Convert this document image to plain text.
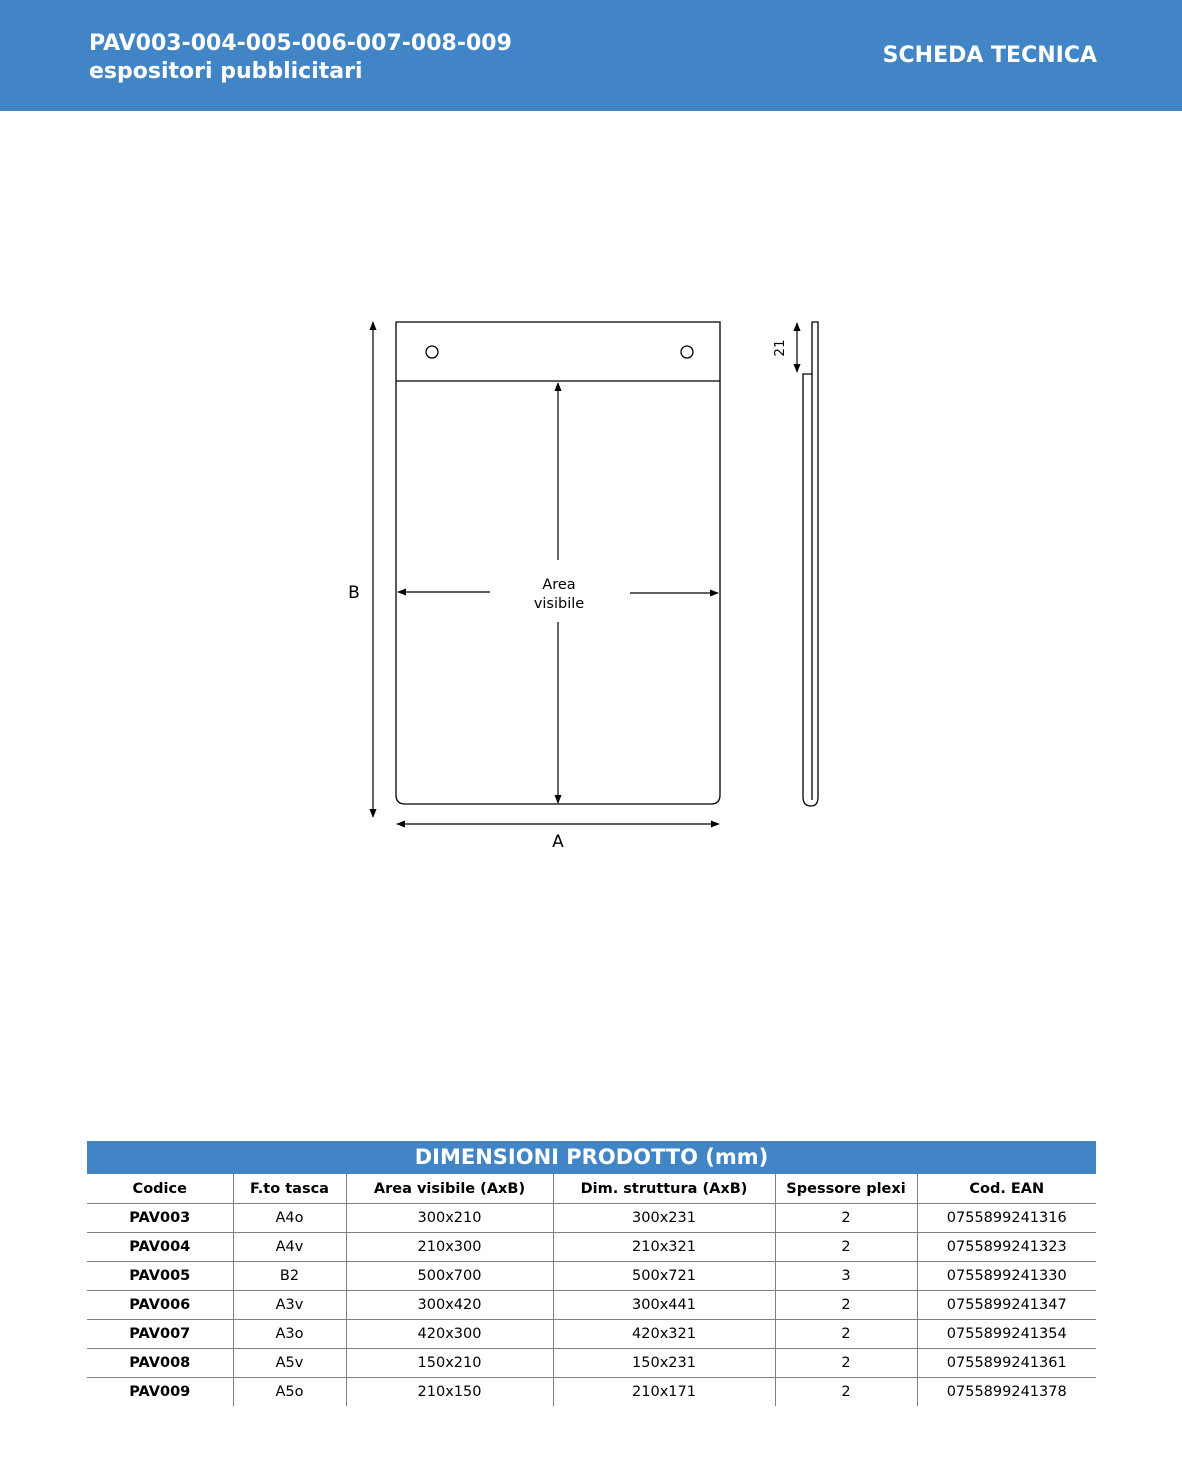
PAV003-004-005-006-007-008-009
espositori pubblicitari
SCHEDA TECNICA
B
A
Area
visibile
21
DIMENSIONI PRODOTTO (mm)
Codice	F.to tasca	Area visibile (AxB)	Dim. struttura (AxB)	Spessore plexi	Cod. EAN
PAV003	A4o	300x210	300x231	2	0755899241316
PAV004	A4v	210x300	210x321	2	0755899241323
PAV005	B2	500x700	500x721	3	0755899241330
PAV006	A3v	300x420	300x441	2	0755899241347
PAV007	A3o	420x300	420x321	2	0755899241354
PAV008	A5v	150x210	150x231	2	0755899241361
PAV009	A5o	210x150	210x171	2	0755899241378
